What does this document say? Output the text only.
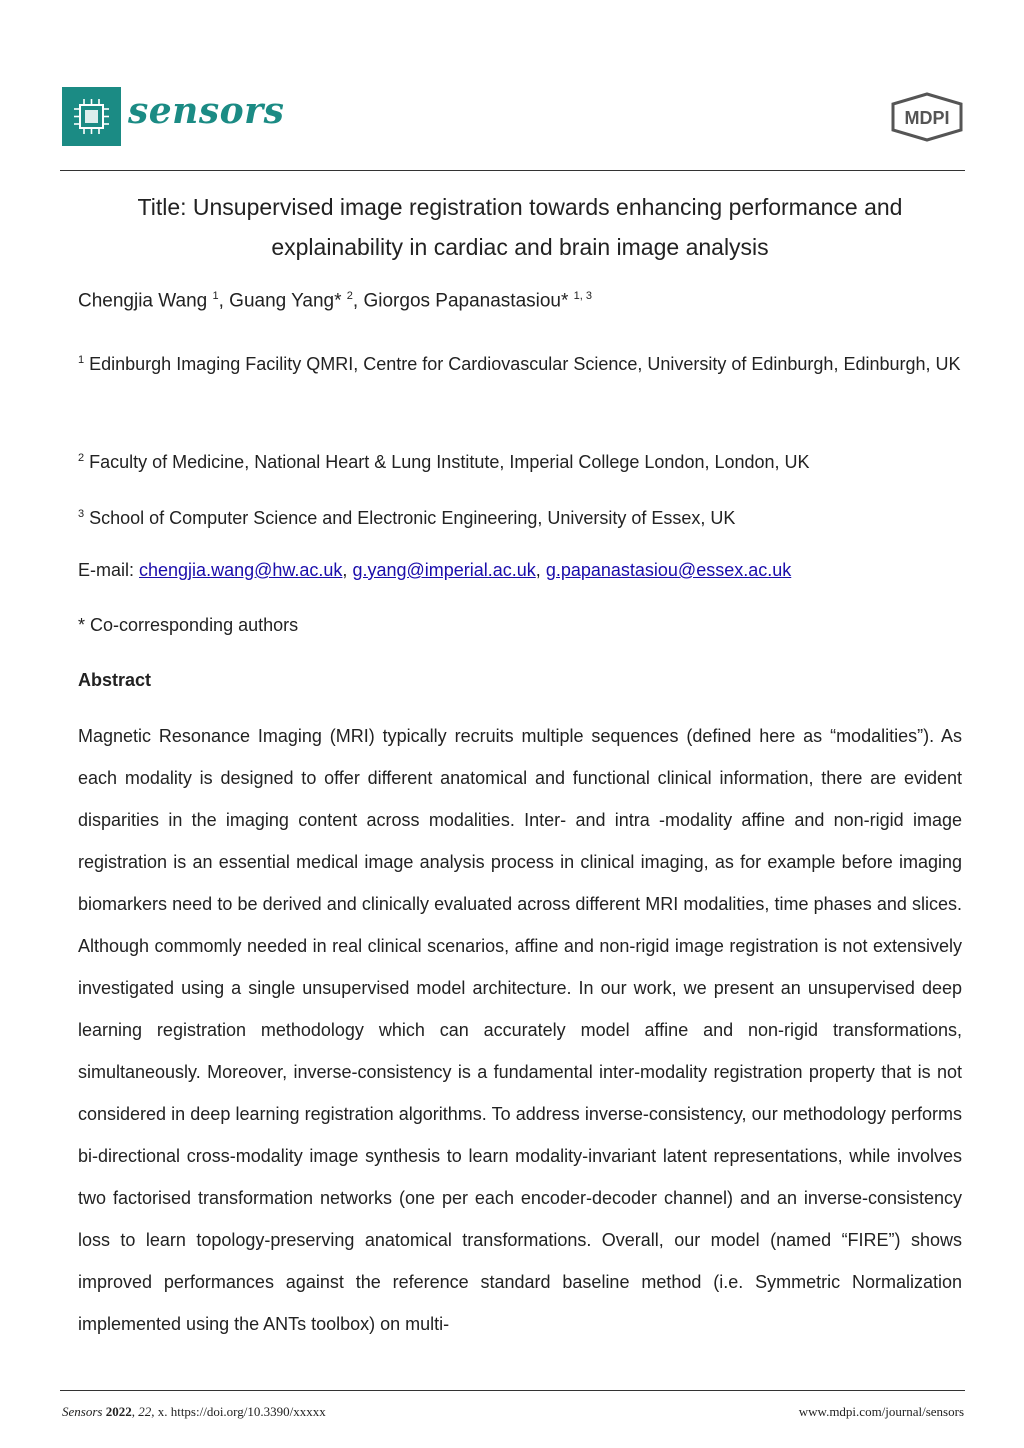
sensors	MDPI
Title: Unsupervised image registration towards enhancing performance and explainability in cardiac and brain image analysis
Chengjia Wang $^1$, Guang Yang* $^2$, Giorgos Papanastasiou* $^{1, 3}$
$^1$ Edinburgh Imaging Facility QMRI, Centre for Cardiovascular Science, University of Edinburgh, Edinburgh, UK
$^2$ Faculty of Medicine, National Heart & Lung Institute, Imperial College London, London, UK
$^3$ School of Computer Science and Electronic Engineering, University of Essex, UK
E-mail: chengjia.wang@hw.ac.uk, g.yang@imperial.ac.uk, g.papanastasiou@essex.ac.uk
* Co-corresponding authors
Abstract
Magnetic Resonance Imaging (MRI) typically recruits multiple sequences (defined here as “modalities”). As each modality is designed to offer different anatomical and functional clinical information, there are evident disparities in the imaging content across modalities. Inter- and intra -modality affine and non-rigid image registration is an essential medical image analysis process in clinical imaging, as for example before imaging biomarkers need to be derived and clinically evaluated across different MRI modalities, time phases and slices. Although commomly needed in real clinical scenarios, affine and non-rigid image registration is not extensively investigated using a single unsupervised model architecture. In our work, we present an unsupervised deep learning registration methodology which can accurately model affine and non-rigid transformations, simultaneously. Moreover, inverse-consistency is a fundamental inter-modality registration property that is not considered in deep learning registration algorithms. To address inverse-consistency, our methodology performs bi-directional cross-modality image synthesis to learn modality-invariant latent representations, while involves two factorised transformation networks (one per each encoder-decoder channel) and an inverse-consistency loss to learn topology-preserving anatomical transformations. Overall, our model (named “FIRE”) shows improved performances against the reference standard baseline method (i.e. Symmetric Normalization implemented using the ANTs toolbox) on multi-
Sensors 2022, 22, x. https://doi.org/10.3390/xxxxx	www.mdpi.com/journal/sensors
